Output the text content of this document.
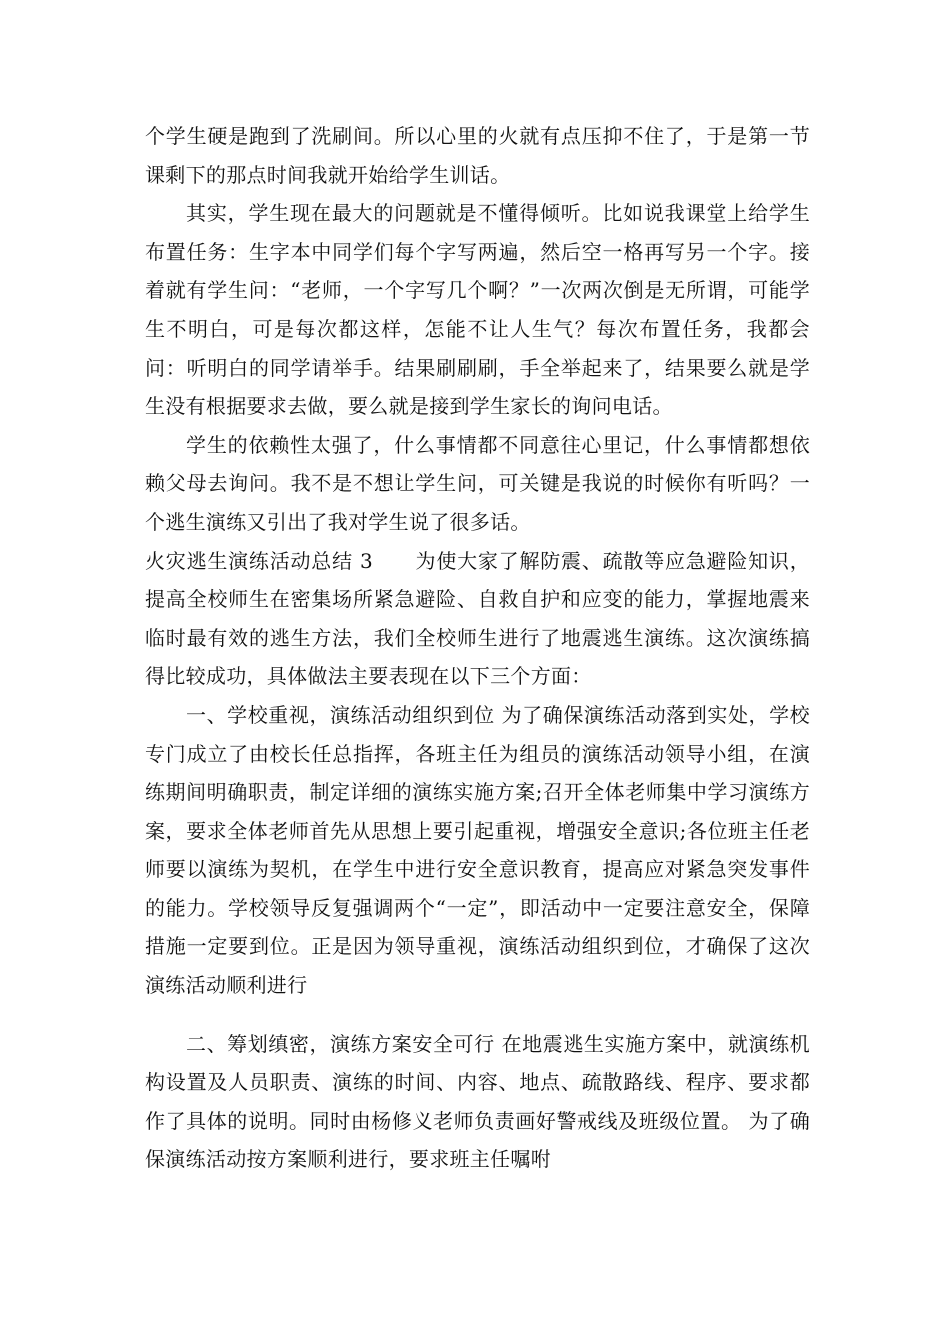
个学生硬是跑到了洗刷间。所以心里的火就有点压抑不住了，于是第一节课剩下的那点时间我就开始给学生训话。

其实，学生现在最大的问题就是不懂得倾听。比如说我课堂上给学生布置任务：生字本中同学们每个字写两遍，然后空一格再写另一个字。接着就有学生问：“老师，一个字写几个啊？”一次两次倒是无所谓，可能学生不明白，可是每次都这样，怎能不让人生气？每次布置任务，我都会问：听明白的同学请举手。结果刷刷刷，手全举起来了，结果要么就是学生没有根据要求去做，要么就是接到学生家长的询问电话。

学生的依赖性太强了，什么事情都不同意往心里记，什么事情都想依赖父母去询问。我不是不想让学生问，可关键是我说的时候你有听吗？一个逃生演练又引出了我对学生说了很多话。

火灾逃生演练活动总结 3 为使大家了解防震、疏散等应急避险知识，提高全校师生在密集场所紧急避险、自救自护和应变的能力，掌握地震来临时最有效的逃生方法，我们全校师生进行了地震逃生演练。这次演练搞得比较成功，具体做法主要表现在以下三个方面：

一、学校重视，演练活动组织到位 为了确保演练活动落到实处，学校专门成立了由校长任总指挥，各班主任为组员的演练活动领导小组，在演练期间明确职责，制定详细的演练实施方案;召开全体老师集中学习演练方案，要求全体老师首先从思想上要引起重视，增强安全意识;各位班主任老师要以演练为契机，在学生中进行安全意识教育，提高应对紧急突发事件的能力。学校领导反复强调两个“一定”，即活动中一定要注意安全，保障措施一定要到位。正是因为领导重视，演练活动组织到位，才确保了这次演练活动顺利进行

二、筹划缜密，演练方案安全可行 在地震逃生实施方案中，就演练机构设置及人员职责、演练的时间、内容、地点、疏散路线、程序、要求都作了具体的说明。同时由杨修义老师负责画好警戒线及班级位置。 为了确保演练活动按方案顺利进行，要求班主任嘱咐
